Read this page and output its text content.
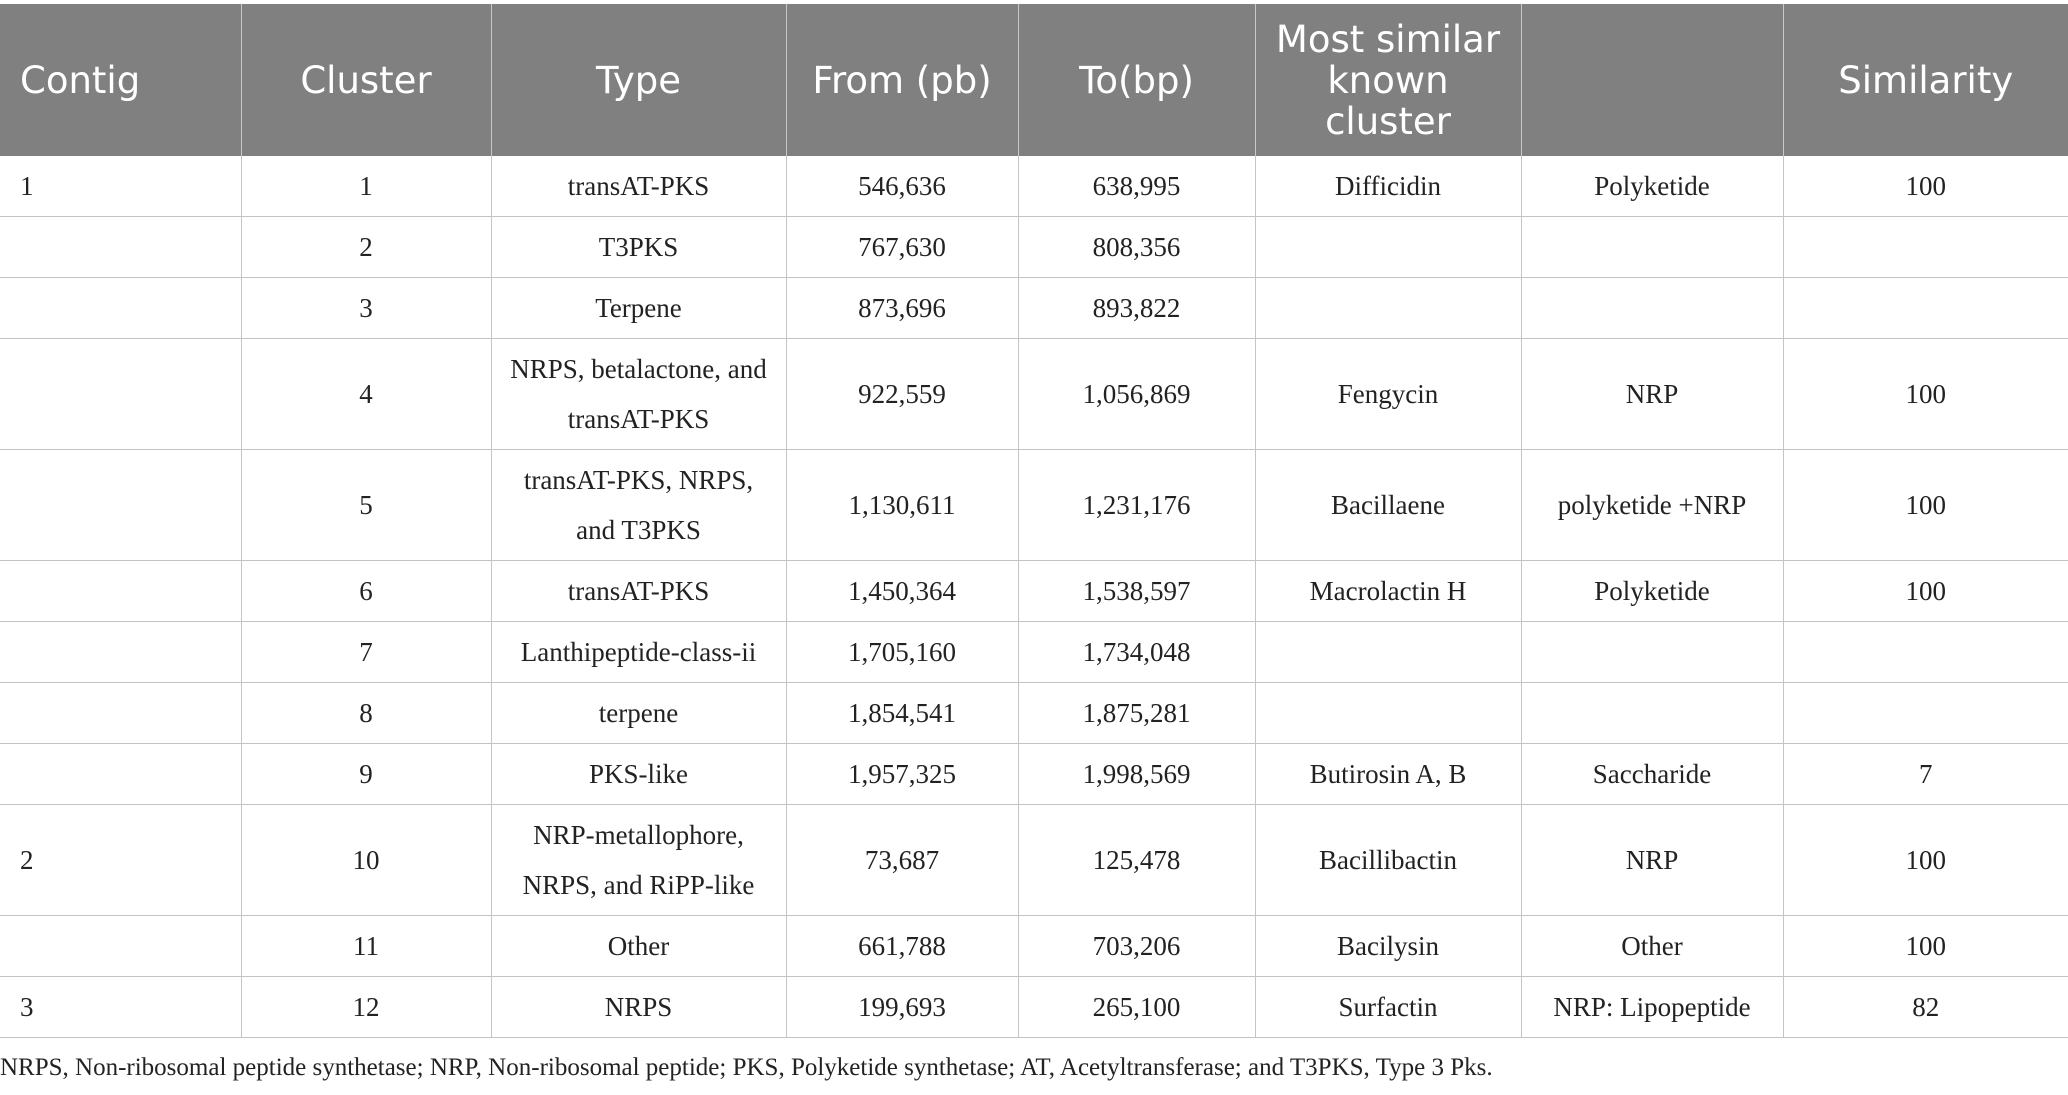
Contig	Cluster	Type	From (pb)	To(bp)	Most similar known cluster		Similarity
1	1	transAT-PKS	546,636	638,995	Difficidin	Polyketide	100
	2	T3PKS	767,630	808,356			
	3	Terpene	873,696	893,822			
	4	NRPS, betalactone, and transAT-PKS	922,559	1,056,869	Fengycin	NRP	100
	5	transAT-PKS, NRPS, and T3PKS	1,130,611	1,231,176	Bacillaene	polyketide +NRP	100
	6	transAT-PKS	1,450,364	1,538,597	Macrolactin H	Polyketide	100
	7	Lanthipeptide-class-ii	1,705,160	1,734,048			
	8	terpene	1,854,541	1,875,281			
	9	PKS-like	1,957,325	1,998,569	Butirosin A, B	Saccharide	7
2	10	NRP-metallophore, NRPS, and RiPP-like	73,687	125,478	Bacillibactin	NRP	100
	11	Other	661,788	703,206	Bacilysin	Other	100
3	12	NRPS	199,693	265,100	Surfactin	NRP: Lipopeptide	82
NRPS, Non-ribosomal peptide synthetase; NRP, Non-ribosomal peptide; PKS, Polyketide synthetase; AT, Acetyltransferase; and T3PKS, Type 3 Pks.
